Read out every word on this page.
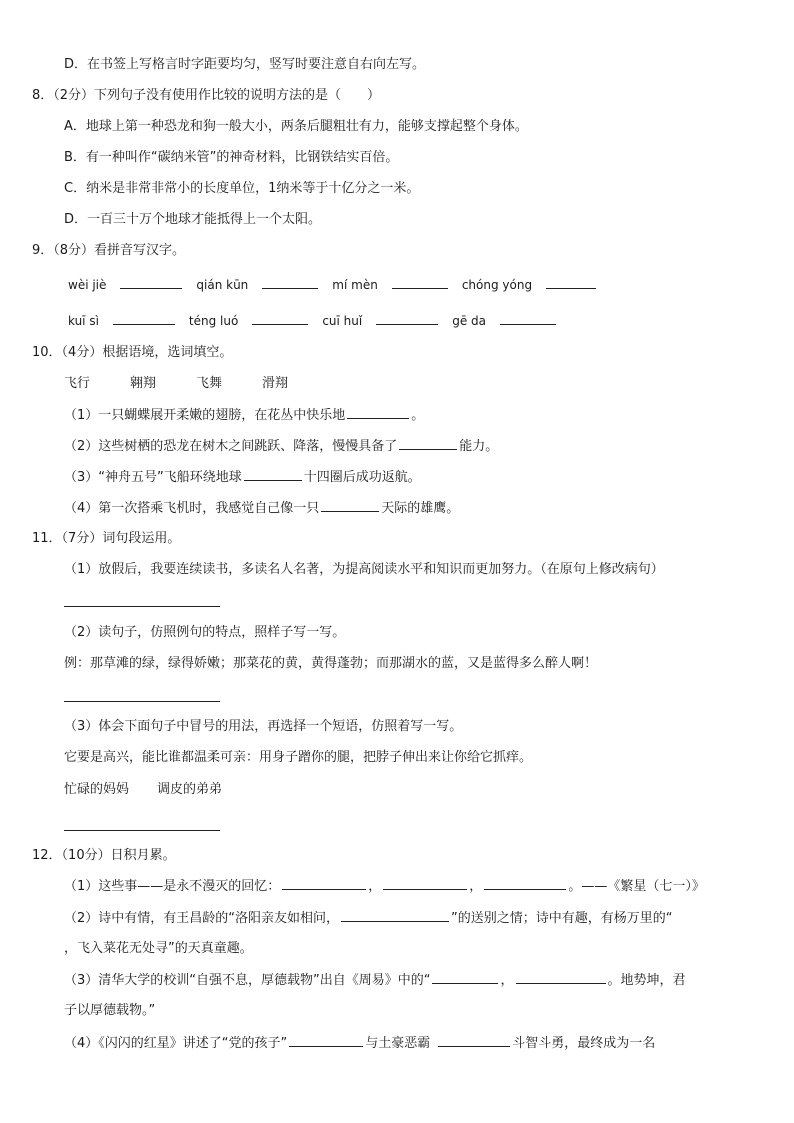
D．在书签上写格言时字距要均匀，竖写时要注意自右向左写。
8．（2分）下列句子没有使用作比较的说明方法的是（　　）
A．地球上第一种恐龙和狗一般大小，两条后腿粗壮有力，能够支撑起整个身体。
B．有一种叫作“碳纳米管”的神奇材料，比钢铁结实百倍。
C．纳米是非常非常小的长度单位，1纳米等于十亿分之一米。
D．一百三十万个地球才能抵得上一个太阳。
9．（8分）看拼音写汉字。
wèi jiè	qián kūn	mí mèn	chóng yóng
kuī sì	téng luó	cuī huǐ	gē da
10．（4分）根据语境，选词填空。
飞行	翱翔	飞舞	滑翔
（1）一只蝴蝶展开柔嫩的翅膀，在花丛中快乐地	。
（2）这些树栖的恐龙在树木之间跳跃、降落，慢慢具备了	能力。
（3）“神舟五号”飞船环绕地球	十四圈后成功返航。
（4）第一次搭乘飞机时，我感觉自己像一只	天际的雄鹰。
11．（7分）词句段运用。
（1）放假后，我要连续读书，多读名人名著，为提高阅读水平和知识而更加努力。（在原句上修改病句）
（2）读句子，仿照例句的特点，照样子写一写。
例：那草滩的绿，绿得娇嫩；那菜花的黄，黄得蓬勃；而那湖水的蓝，又是蓝得多么醉人啊！
（3）体会下面句子中冒号的用法，再选择一个短语，仿照着写一写。
它要是高兴，能比谁都温柔可亲：用身子蹭你的腿，把脖子伸出来让你给它抓痒。
忙碌的妈妈 调皮的弟弟
12．（10分）日积月累。
（1）这些事——是永不漫灭的回忆：	，	，	。——《繁星（七一）》
（2）诗中有情，有王昌龄的“洛阳亲友如相问，	”的送别之情；诗中有趣，有杨万里的“
，飞入菜花无处寻”的天真童趣。
（3）清华大学的校训“自强不息，厚德载物”出自《周易》中的“	，	。地势坤，君
子以厚德载物。”
（4）《闪闪的红星》讲述了“党的孩子”	与土豪恶霸	斗智斗勇，最终成为一名
